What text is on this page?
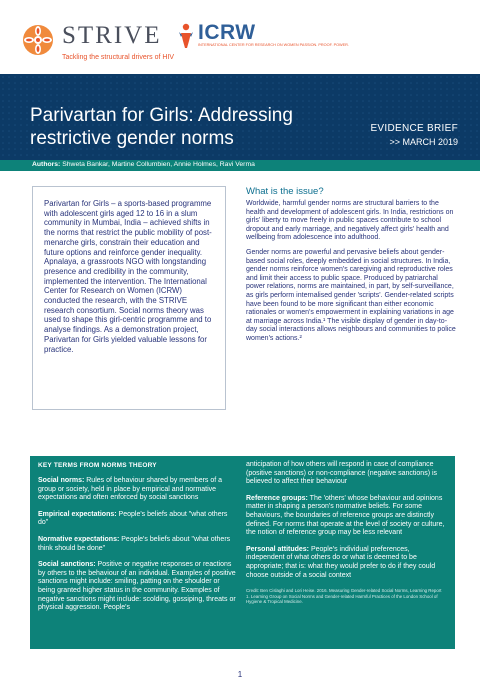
STRIVE
Tackling the structural drivers of HIV
ICRW
INTERNATIONAL CENTER FOR RESEARCH ON WOMEN PASSION. PROOF. POWER.
Parivartan for Girls: Addressing restrictive gender norms	EVIDENCE BRIEF
>> MARCH 2019
Authors: Shweta Bankar, Martine Collumbien, Annie Holmes, Ravi Verma

Parivartan for Girls – a sports-based programme with adolescent girls aged 12 to 16 in a slum community in Mumbai, India – achieved shifts in the norms that restrict the public mobility of post-menarche girls, constrain their education and future options and reinforce gender inequality. Apnalaya, a grassroots NGO with longstanding presence and credibility in the community, implemented the intervention. The International Center for Research on Women (ICRW) conducted the research, with the STRIVE research consortium. Social norms theory was used to shape this girl-centric programme and to analyse findings. As a demonstration project, Parivartan for Girls yielded valuable lessons for practice.

What is the issue?

Worldwide, harmful gender norms are structural barriers to the health and development of adolescent girls. In India, restrictions on girls' liberty to move freely in public spaces contribute to school dropout and early marriage, and negatively affect girls' health and wellbeing from adolescence into adulthood.

Gender norms are powerful and pervasive beliefs about gender-based social roles, deeply embedded in social structures. In India, gender norms reinforce women's caregiving and reproductive roles and limit their access to public space. Produced by patriarchal power relations, norms are maintained, in part, by self-surveillance, as girls perform internalised gender 'scripts'. Gender-related scripts have been found to be more significant than either economic rationales or women's empowerment in explaining variations in age at marriage across India.¹ The visible display of gender in day-to-day social interactions allows neighbours and communities to police women's actions.²

KEY TERMS FROM NORMS THEORY

Social norms: Rules of behaviour shared by members of a group or society, held in place by empirical and normative expectations and often enforced by social sanctions

Empirical expectations: People's beliefs about "what others do"

Normative expectations: People's beliefs about "what others think should be done"

Social sanctions: Positive or negative responses or reactions by others to the behaviour of an individual. Examples of positive sanctions might include: smiling, patting on the shoulder or being granted higher status in the community. Examples of negative sanctions might include: scolding, gossiping, threats or physical aggression. People's

anticipation of how others will respond in case of compliance (positive sanctions) or non-compliance (negative sanctions) is believed to affect their behaviour

Reference groups: The 'others' whose behaviour and opinions matter in shaping a person's normative beliefs. For some behaviours, the boundaries of reference groups are distinctly defined. For norms that operate at the level of society or culture, the notion of reference group may be less relevant

Personal attitudes: People's individual preferences, independent of what others do or what is deemed to be appropriate; that is: what they would prefer to do if they could choose outside of a social context

Credit: Ben Cislaghi and Lori Heise. 2016. Measuring Gender-related Social Norms, Learning Report 1. Learning Group on Social Norms and Gender-related Harmful Practices of the London School of Hygiene & Tropical Medicine.

1
